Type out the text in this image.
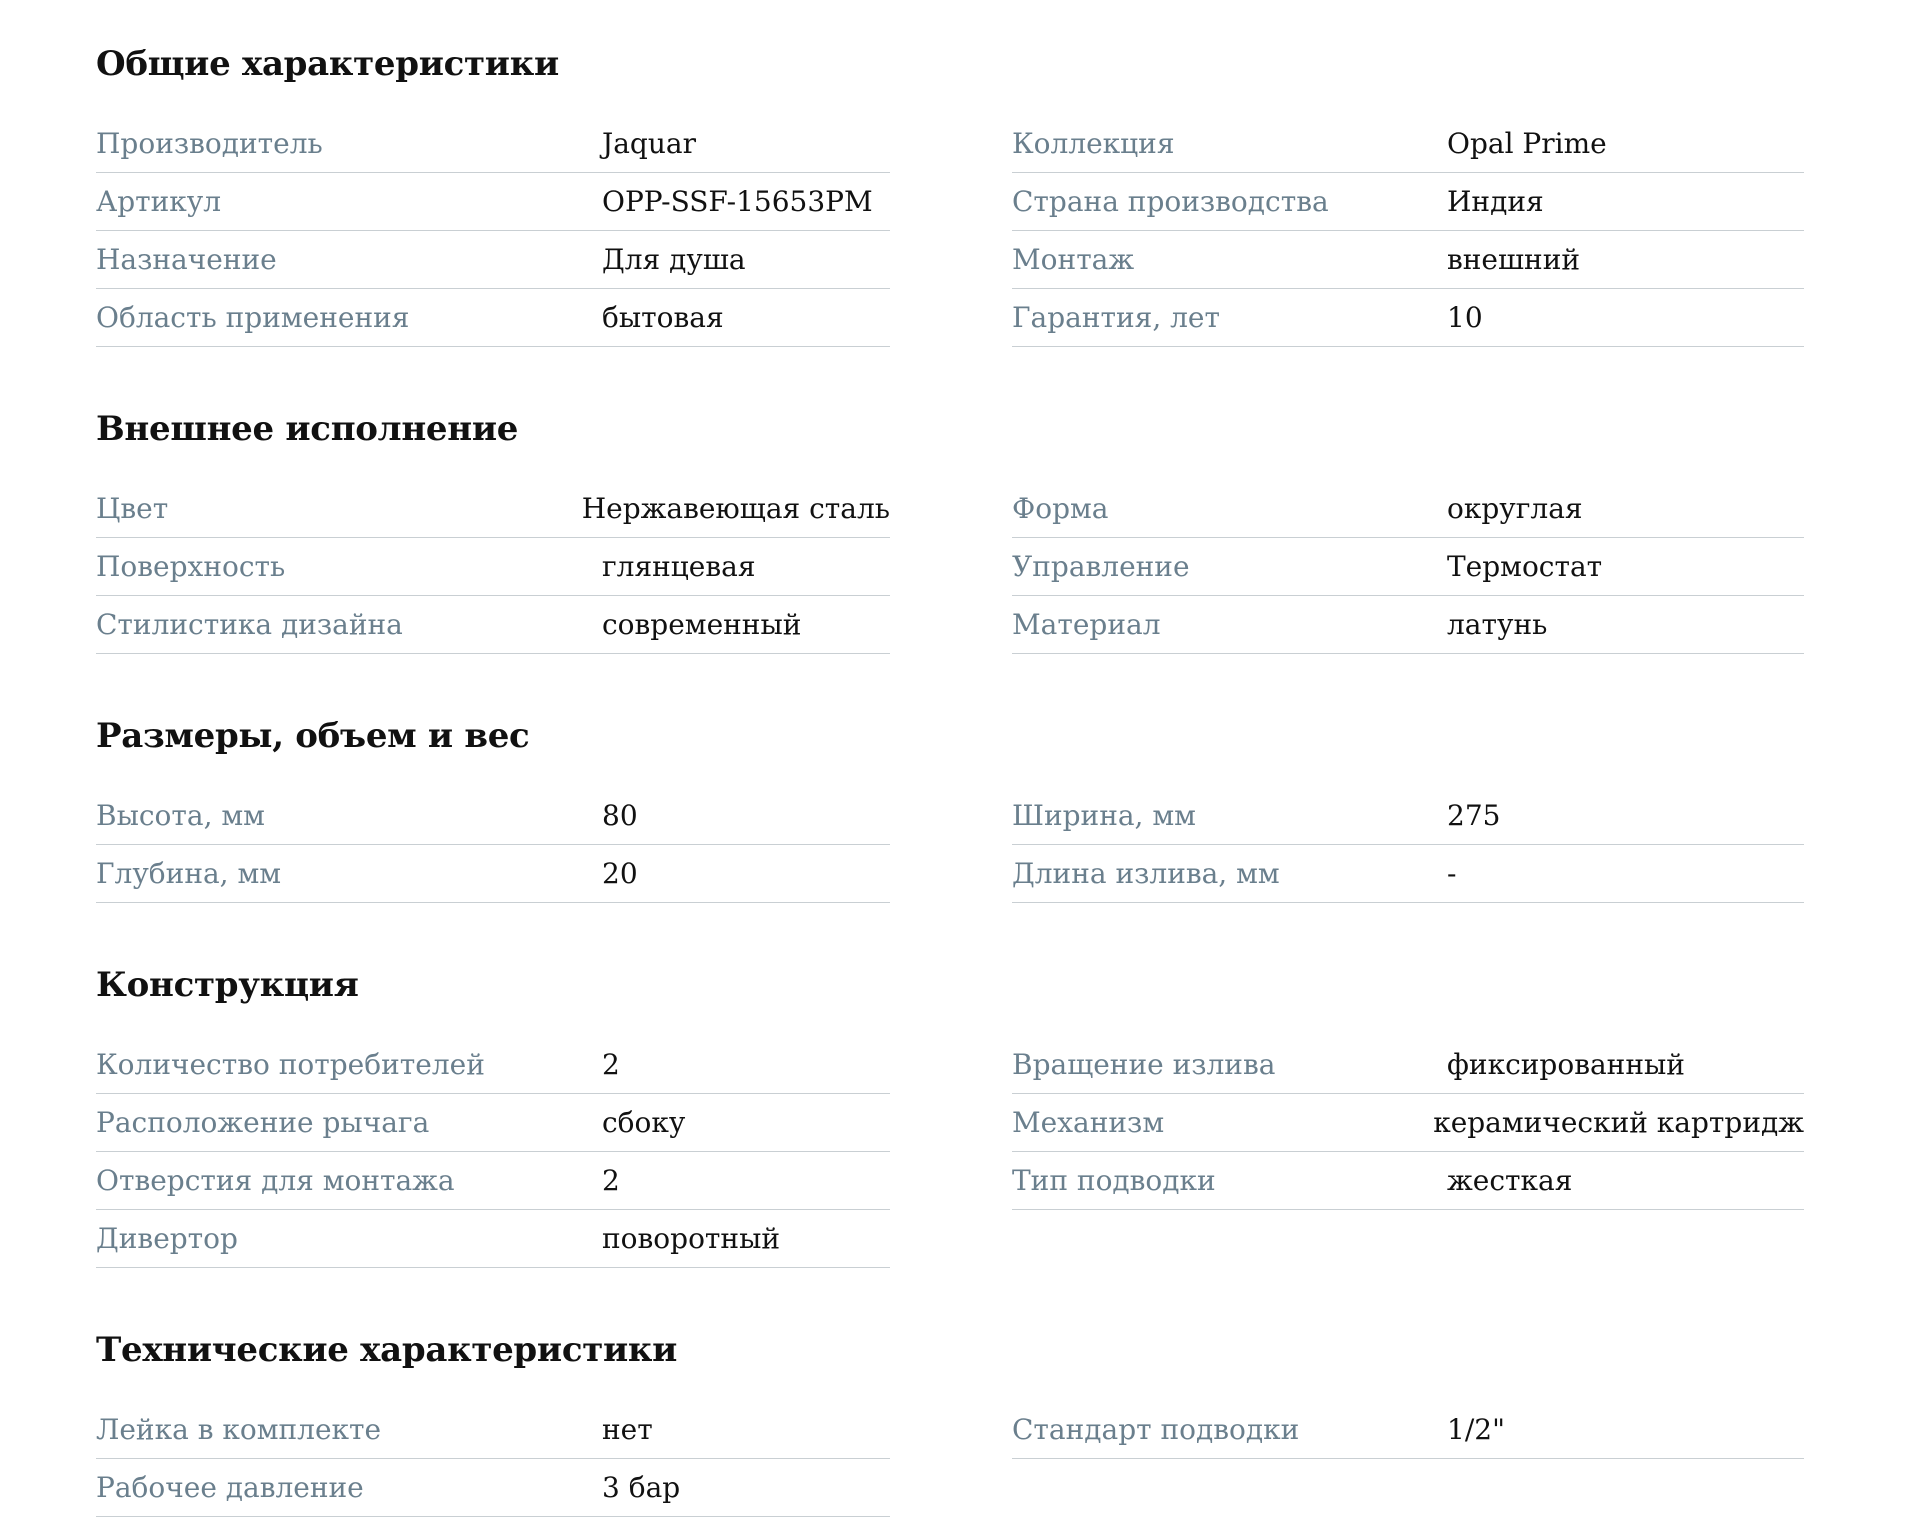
Общие характеристики
Производитель	Jaquar
Артикул	OPP-SSF-15653PM
Назначение	Для душа
Область применения	бытовая
Коллекция	Opal Prime
Страна производства	Индия
Монтаж	внешний
Гарантия, лет	10
Внешнее исполнение
Цвет	Нержавеющая сталь
Поверхность	глянцевая
Стилистика дизайна	современный
Форма	округлая
Управление	Термостат
Материал	латунь
Размеры, объем и вес
Высота, мм	80
Глубина, мм	20
Ширина, мм	275
Длина излива, мм	-
Конструкция
Количество потребителей	2
Расположение рычага	сбоку
Отверстия для монтажа	2
Дивертор	поворотный
Вращение излива	фиксированный
Механизм	керамический картридж
Тип подводки	жесткая
Технические характеристики
Лейка в комплекте	нет
Рабочее давление	3 бар
Стандарт подводки	1/2"
